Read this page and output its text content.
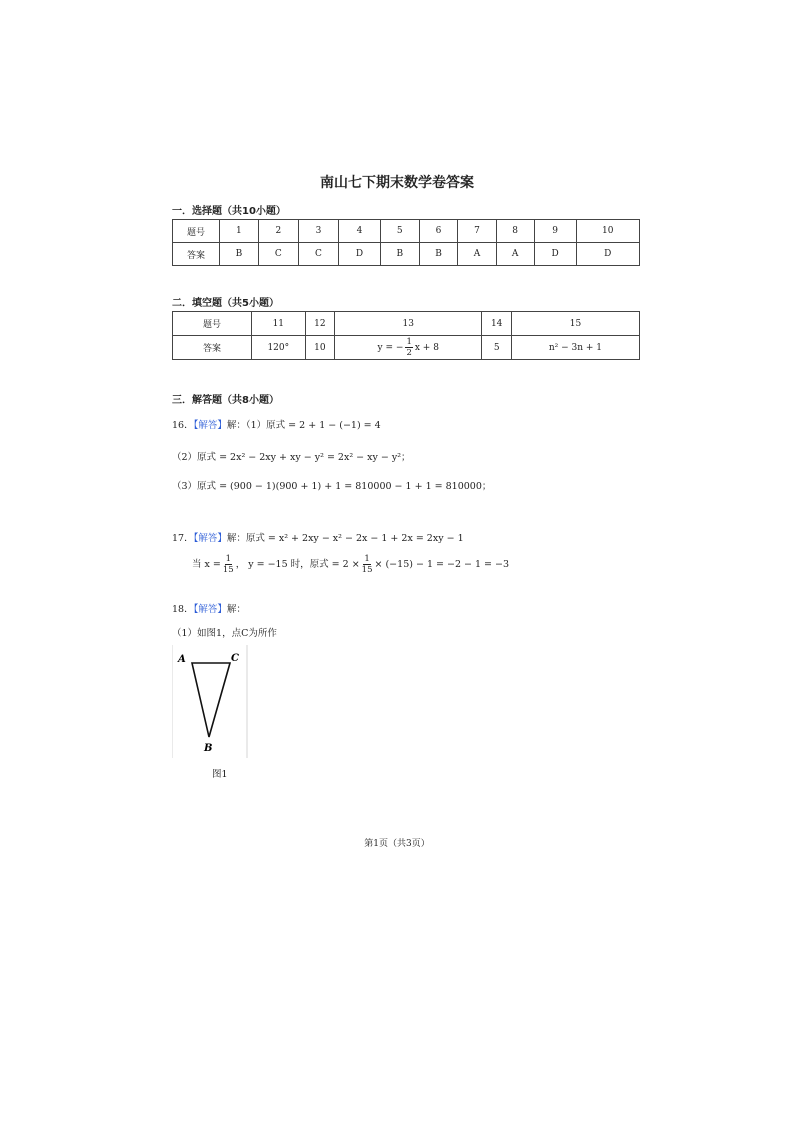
南山七下期末数学卷答案
一．选择题（共10小题）
题号	1	2	3	4	5	6	7	8	9	10
答案	B	C	C	D	B	B	A	A	D	D
二．填空题（共5小题）
题号	11	12	13	14	15
答案	120°	10	y = − $\frac{1}{2}$ x + 8	5	n² − 3n + 1
三．解答题（共8小题）
16．【解答】解：（1）原式 = 2 + 1 − (−1) = 4
（2）原式 = 2x² − 2xy + xy − y² = 2x² − xy − y²；
（3）原式 = (900 − 1)(900 + 1) + 1 = 810000 − 1 + 1 = 810000；
17．【解答】解：原式 = x² + 2xy − x² − 2x − 1 + 2x = 2xy − 1
当 $x = \frac{1}{15}$ ， y = −15 时，原式 = $2 \times \frac{1}{15} \times (-15) - 1 = -2 - 1 = -3$
18．【解答】解：
（1）如图1，点C为所作
A	C
B
图1
第1页（共3页）
